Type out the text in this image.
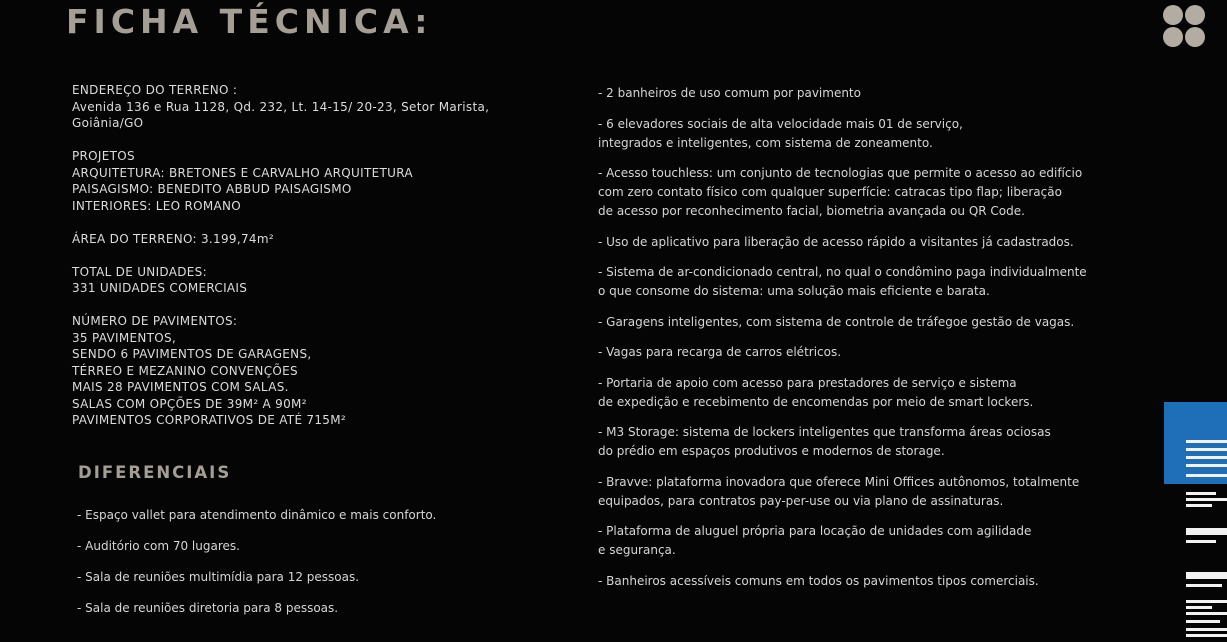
FICHA TÉCNICA:
ENDEREÇO DO TERRENO :
Avenida 136 e Rua 1128, Qd. 232, Lt. 14-15/ 20-23, Setor Marista,
Goiânia/GO
PROJETOS
ARQUITETURA: BRETONES E CARVALHO ARQUITETURA
PAISAGISMO: BENEDITO ABBUD PAISAGISMO
INTERIORES: LEO ROMANO
ÁREA DO TERRENO: 3.199,74m²
TOTAL DE UNIDADES:
331 UNIDADES COMERCIAIS
NÚMERO DE PAVIMENTOS:
35 PAVIMENTOS,
SENDO 6 PAVIMENTOS DE GARAGENS,
TÉRREO E MEZANINO CONVENÇÕES
MAIS 28 PAVIMENTOS COM SALAS.
SALAS COM OPÇÕES DE 39M² A 90M²
PAVIMENTOS CORPORATIVOS DE ATÉ 715M²
DIFERENCIAIS
- Espaço vallet para atendimento dinâmico e mais conforto.
- Auditório com 70 lugares.
- Sala de reuniões multimídia para 12 pessoas.
- Sala de reuniões diretoria para 8 pessoas.
- 2 banheiros de uso comum por pavimento
- 6 elevadores sociais de alta velocidade mais 01 de serviço,
integrados e inteligentes, com sistema de zoneamento.
- Acesso touchless: um conjunto de tecnologias que permite o acesso ao edifício
com zero contato físico com qualquer superfície: catracas tipo flap; liberação
de acesso por reconhecimento facial, biometria avançada ou QR Code.
- Uso de aplicativo para liberação de acesso rápido a visitantes já cadastrados.
- Sistema de ar-condicionado central, no qual o condômino paga individualmente
o que consome do sistema: uma solução mais eficiente e barata.
- Garagens inteligentes, com sistema de controle de tráfegoe gestão de vagas.
- Vagas para recarga de carros elétricos.
- Portaria de apoio com acesso para prestadores de serviço e sistema
de expedição e recebimento de encomendas por meio de smart lockers.
- M3 Storage: sistema de lockers inteligentes que transforma áreas ociosas
do prédio em espaços produtivos e modernos de storage.
- Bravve: plataforma inovadora que oferece Mini Offices autônomos, totalmente
equipados, para contratos pay-per-use ou via plano de assinaturas.
- Plataforma de aluguel própria para locação de unidades com agilidade
e segurança.
- Banheiros acessíveis comuns em todos os pavimentos tipos comerciais.
